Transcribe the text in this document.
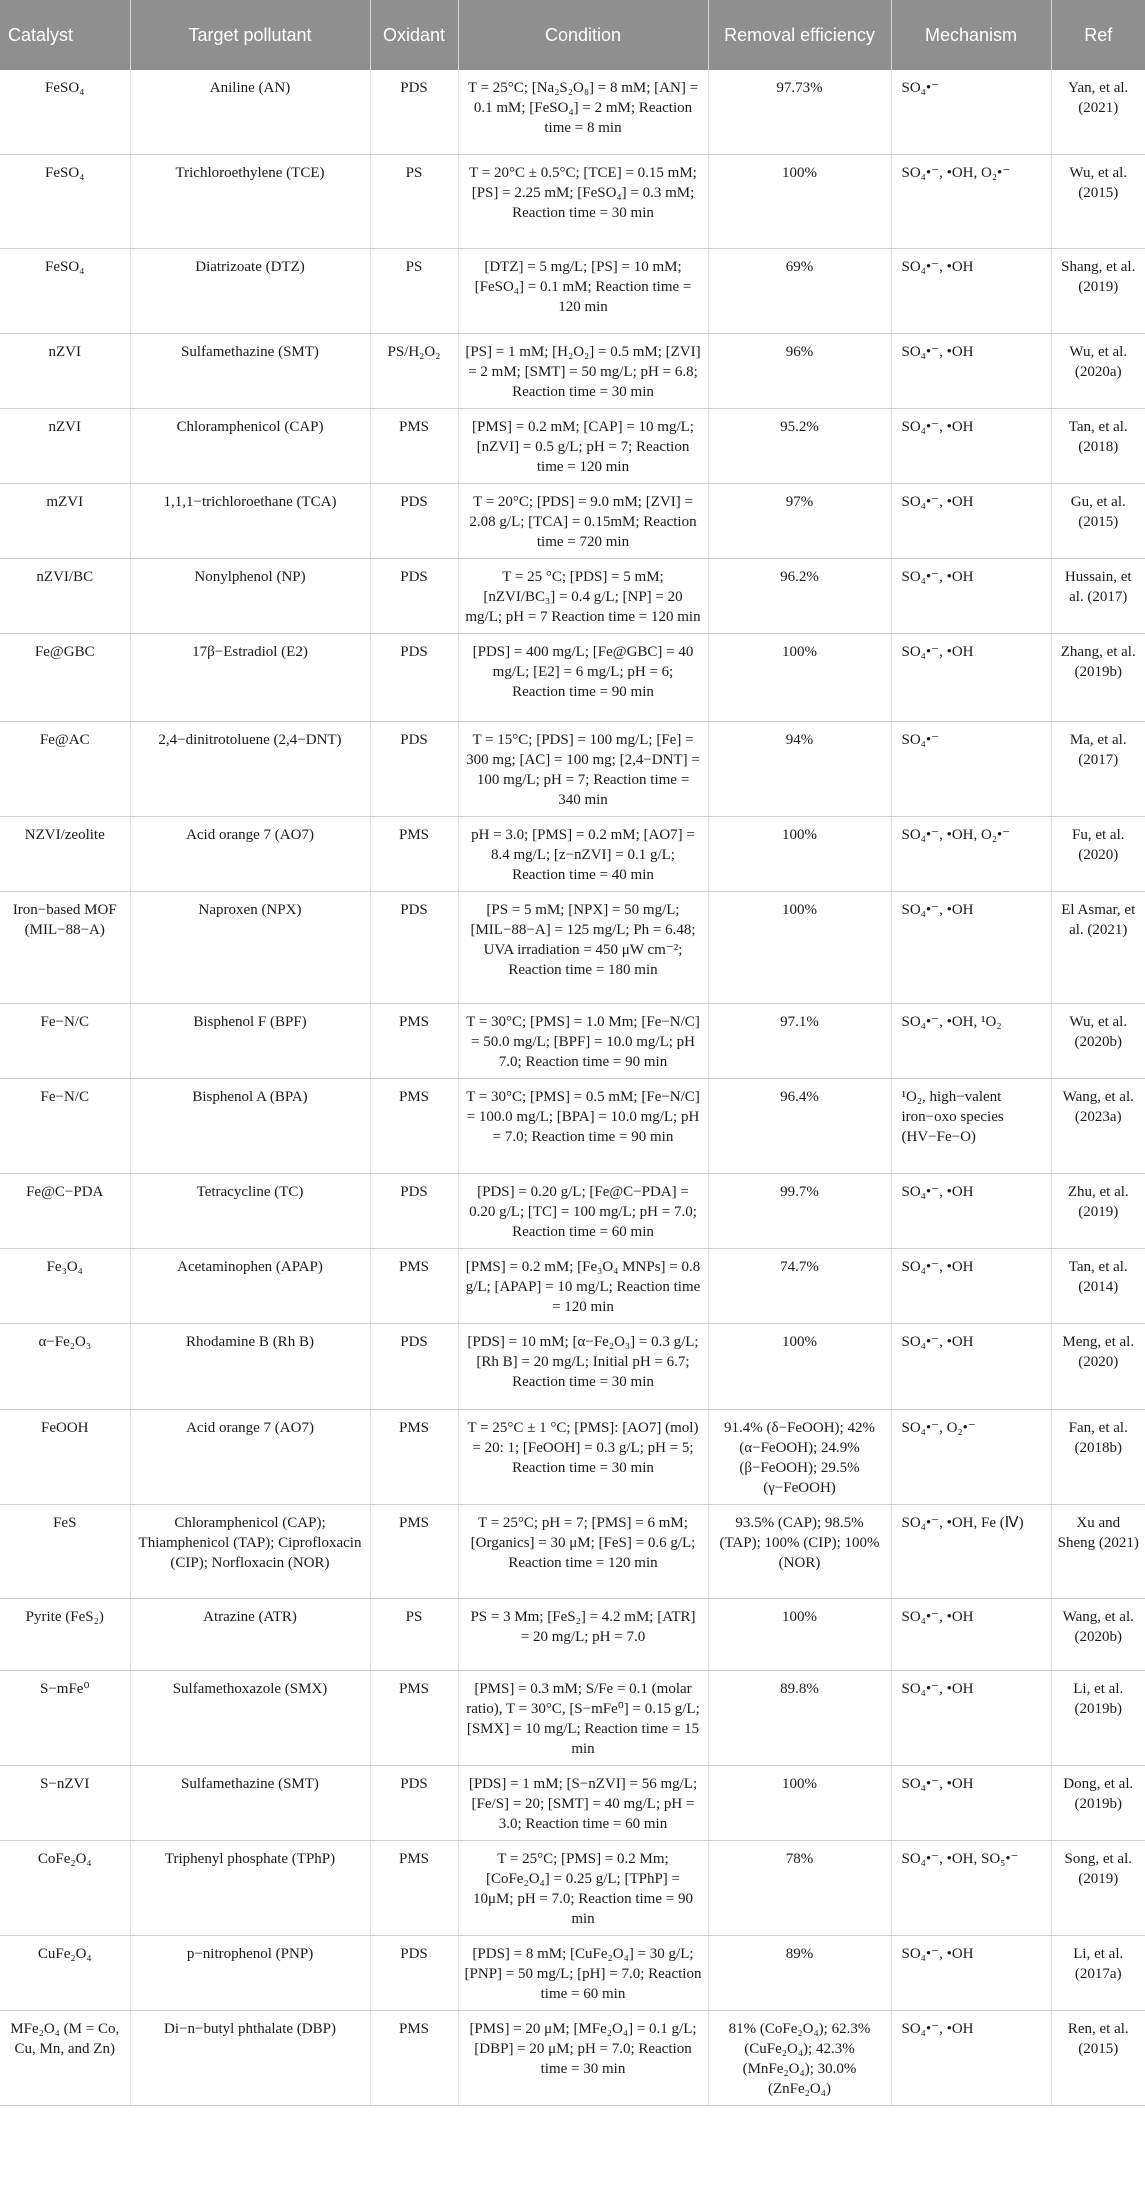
Catalyst	Target pollutant	Oxidant	Condition	Removal efficiency	Mechanism	Ref
FeSO₄	Aniline (AN)	PDS	T = 25°C; [Na₂S₂O₈] = 8 mM; [AN] = 0.1 mM; [FeSO₄] = 2 mM; Reaction time = 8 min	97.73%	SO₄•⁻	Yan, et al. (2021)
FeSO₄	Trichloroethylene (TCE)	PS	T = 20°C ± 0.5°C; [TCE] = 0.15 mM; [PS] = 2.25 mM; [FeSO₄] = 0.3 mM; Reaction time = 30 min	100%	SO₄•⁻, •OH, O₂•⁻	Wu, et al. (2015)
FeSO₄	Diatrizoate (DTZ)	PS	[DTZ] = 5 mg/L; [PS] = 10 mM; [FeSO₄] = 0.1 mM; Reaction time = 120 min	69%	SO₄•⁻, •OH	Shang, et al. (2019)
nZVI	Sulfamethazine (SMT)	PS/H₂O₂	[PS] = 1 mM; [H₂O₂] = 0.5 mM; [ZVI] = 2 mM; [SMT] = 50 mg/L; pH = 6.8; Reaction time = 30 min	96%	SO₄•⁻, •OH	Wu, et al. (2020a)
nZVI	Chloramphenicol (CAP)	PMS	[PMS] = 0.2 mM; [CAP] = 10 mg/L; [nZVI] = 0.5 g/L; pH = 7; Reaction time = 120 min	95.2%	SO₄•⁻, •OH	Tan, et al. (2018)
mZVI	1,1,1−trichloroethane (TCA)	PDS	T = 20°C; [PDS] = 9.0 mM; [ZVI] = 2.08 g/L; [TCA] = 0.15mM; Reaction time = 720 min	97%	SO₄•⁻, •OH	Gu, et al. (2015)
nZVI/BC	Nonylphenol (NP)	PDS	T = 25 °C; [PDS] = 5 mM; [nZVI/BC₃] = 0.4 g/L; [NP] = 20 mg/L; pH = 7 Reaction time = 120 min	96.2%	SO₄•⁻, •OH	Hussain, et al. (2017)
Fe@GBC	17β−Estradiol (E2)	PDS	[PDS] = 400 mg/L; [Fe@GBC] = 40 mg/L; [E2] = 6 mg/L; pH = 6; Reaction time = 90 min	100%	SO₄•⁻, •OH	Zhang, et al. (2019b)
Fe@AC	2,4−dinitrotoluene (2,4−DNT)	PDS	T = 15°C; [PDS] = 100 mg/L; [Fe] = 300 mg; [AC] = 100 mg; [2,4−DNT] = 100 mg/L; pH = 7; Reaction time = 340 min	94%	SO₄•⁻	Ma, et al. (2017)
NZVI/zeolite	Acid orange 7 (AO7)	PMS	pH = 3.0; [PMS] = 0.2 mM; [AO7] = 8.4 mg/L; [z−nZVI] = 0.1 g/L; Reaction time = 40 min	100%	SO₄•⁻, •OH, O₂•⁻	Fu, et al. (2020)
Iron−based MOF (MIL−88−A)	Naproxen (NPX)	PDS	[PS = 5 mM; [NPX] = 50 mg/L; [MIL−88−A] = 125 mg/L; Ph = 6.48; UVA irradiation = 450 μW cm⁻²; Reaction time = 180 min	100%	SO₄•⁻, •OH	El Asmar, et al. (2021)
Fe−N/C	Bisphenol F (BPF)	PMS	T = 30°C; [PMS] = 1.0 Mm; [Fe−N/C] = 50.0 mg/L; [BPF] = 10.0 mg/L; pH 7.0; Reaction time = 90 min	97.1%	SO₄•⁻, •OH, ¹O₂	Wu, et al. (2020b)
Fe−N/C	Bisphenol A (BPA)	PMS	T = 30°C; [PMS] = 0.5 mM; [Fe−N/C] = 100.0 mg/L; [BPA] = 10.0 mg/L; pH = 7.0; Reaction time = 90 min	96.4%	¹O₂, high−valent iron−oxo species (HV−Fe−O)	Wang, et al. (2023a)
Fe@C−PDA	Tetracycline (TC)	PDS	[PDS] = 0.20 g/L; [Fe@C−PDA] = 0.20 g/L; [TC] = 100 mg/L; pH = 7.0; Reaction time = 60 min	99.7%	SO₄•⁻, •OH	Zhu, et al. (2019)
Fe₃O₄	Acetaminophen (APAP)	PMS	[PMS] = 0.2 mM; [Fe₃O₄ MNPs] = 0.8 g/L; [APAP] = 10 mg/L; Reaction time = 120 min	74.7%	SO₄•⁻, •OH	Tan, et al. (2014)
α−Fe₂O₃	Rhodamine B (Rh B)	PDS	[PDS] = 10 mM; [α−Fe₂O₃] = 0.3 g/L; [Rh B] = 20 mg/L; Initial pH = 6.7; Reaction time = 30 min	100%	SO₄•⁻, •OH	Meng, et al. (2020)
FeOOH	Acid orange 7 (AO7)	PMS	T = 25°C ± 1 °C; [PMS]: [AO7] (mol) = 20: 1; [FeOOH] = 0.3 g/L; pH = 5; Reaction time = 30 min	91.4% (δ−FeOOH); 42% (α−FeOOH); 24.9% (β−FeOOH); 29.5% (γ−FeOOH)	SO₄•⁻, O₂•⁻	Fan, et al. (2018b)
FeS	Chloramphenicol (CAP); Thiamphenicol (TAP); Ciprofloxacin (CIP); Norfloxacin (NOR)	PMS	T = 25°C; pH = 7; [PMS] = 6 mM; [Organics] = 30 μM; [FeS] = 0.6 g/L; Reaction time = 120 min	93.5% (CAP); 98.5% (TAP); 100% (CIP); 100% (NOR)	SO₄•⁻, •OH, Fe (Ⅳ)	Xu and Sheng (2021)
Pyrite (FeS₂)	Atrazine (ATR)	PS	PS = 3 Mm; [FeS₂] = 4.2 mM; [ATR] = 20 mg/L; pH = 7.0	100%	SO₄•⁻, •OH	Wang, et al. (2020b)
S−mFe⁰	Sulfamethoxazole (SMX)	PMS	[PMS] = 0.3 mM; S/Fe = 0.1 (molar ratio), T = 30°C, [S−mFe⁰] = 0.15 g/L; [SMX] = 10 mg/L; Reaction time = 15 min	89.8%	SO₄•⁻, •OH	Li, et al. (2019b)
S−nZVI	Sulfamethazine (SMT)	PDS	[PDS] = 1 mM; [S−nZVI] = 56 mg/L; [Fe/S] = 20; [SMT] = 40 mg/L; pH = 3.0; Reaction time = 60 min	100%	SO₄•⁻, •OH	Dong, et al. (2019b)
CoFe₂O₄	Triphenyl phosphate (TPhP)	PMS	T = 25°C; [PMS] = 0.2 Mm; [CoFe₂O₄] = 0.25 g/L; [TPhP] = 10μM; pH = 7.0; Reaction time = 90 min	78%	SO₄•⁻, •OH, SO₅•⁻	Song, et al. (2019)
CuFe₂O₄	p−nitrophenol (PNP)	PDS	[PDS] = 8 mM; [CuFe₂O₄] = 30 g/L; [PNP] = 50 mg/L; [pH] = 7.0; Reaction time = 60 min	89%	SO₄•⁻, •OH	Li, et al. (2017a)
MFe₂O₄ (M = Co, Cu, Mn, and Zn)	Di−n−butyl phthalate (DBP)	PMS	[PMS] = 20 μM; [MFe₂O₄] = 0.1 g/L; [DBP] = 20 μM; pH = 7.0; Reaction time = 30 min	81% (CoFe₂O₄); 62.3% (CuFe₂O₄); 42.3% (MnFe₂O₄); 30.0% (ZnFe₂O₄)	SO₄•⁻, •OH	Ren, et al. (2015)
